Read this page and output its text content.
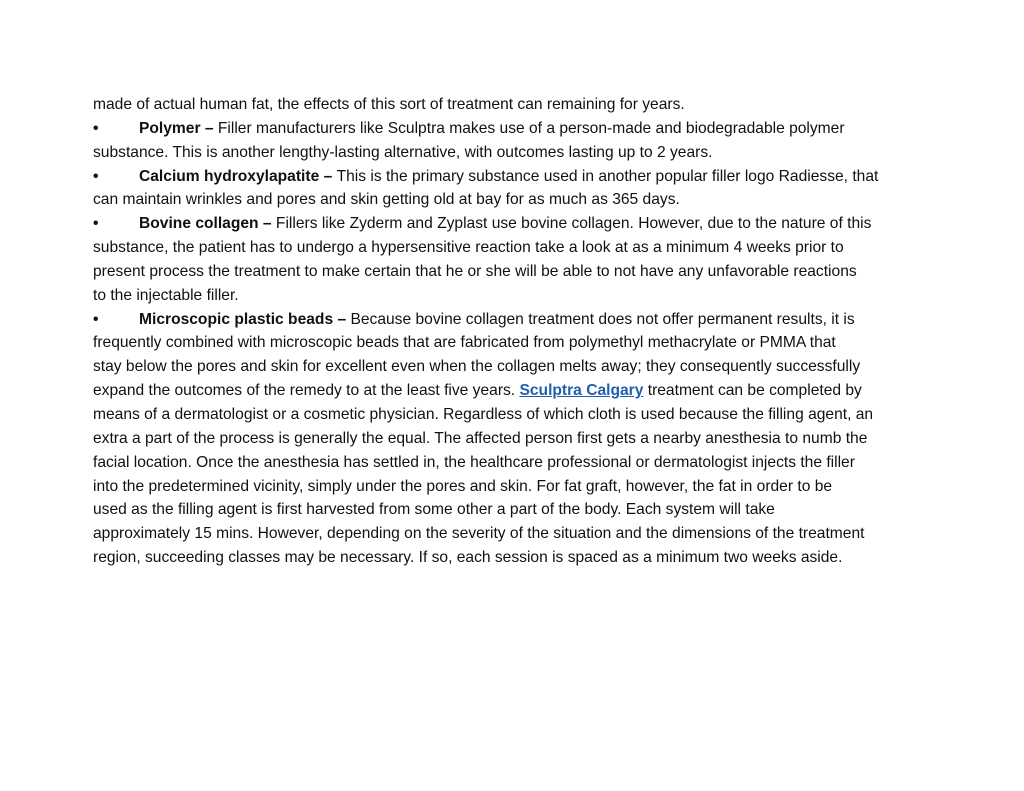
made of actual human fat, the effects of this sort of treatment can remaining for years.
•	Polymer – Filler manufacturers like Sculptra makes use of a person-made and biodegradable polymer
substance. This is another lengthy-lasting alternative, with outcomes lasting up to 2 years.
•	Calcium hydroxylapatite – This is the primary substance used in another popular filler logo Radiesse, that
can maintain wrinkles and pores and skin getting old at bay for as much as 365 days.
•	Bovine collagen – Fillers like Zyderm and Zyplast use bovine collagen. However, due to the nature of this
substance, the patient has to undergo a hypersensitive reaction take a look at as a minimum 4 weeks prior to
present process the treatment to make certain that he or she will be able to not have any unfavorable reactions
to the injectable filler.
•	Microscopic plastic beads – Because bovine collagen treatment does not offer permanent results, it is
frequently combined with microscopic beads that are fabricated from polymethyl methacrylate or PMMA that
stay below the pores and skin for excellent even when the collagen melts away; they consequently successfully
expand the outcomes of the remedy to at the least five years. Sculptra Calgary treatment can be completed by
means of a dermatologist or a cosmetic physician. Regardless of which cloth is used because the filling agent, an
extra a part of the process is generally the equal. The affected person first gets a nearby anesthesia to numb the
facial location. Once the anesthesia has settled in, the healthcare professional or dermatologist injects the filler
into the predetermined vicinity, simply under the pores and skin. For fat graft, however, the fat in order to be
used as the filling agent is first harvested from some other a part of the body. Each system will take
approximately 15 mins. However, depending on the severity of the situation and the dimensions of the treatment
region, succeeding classes may be necessary. If so, each session is spaced as a minimum two weeks aside.
